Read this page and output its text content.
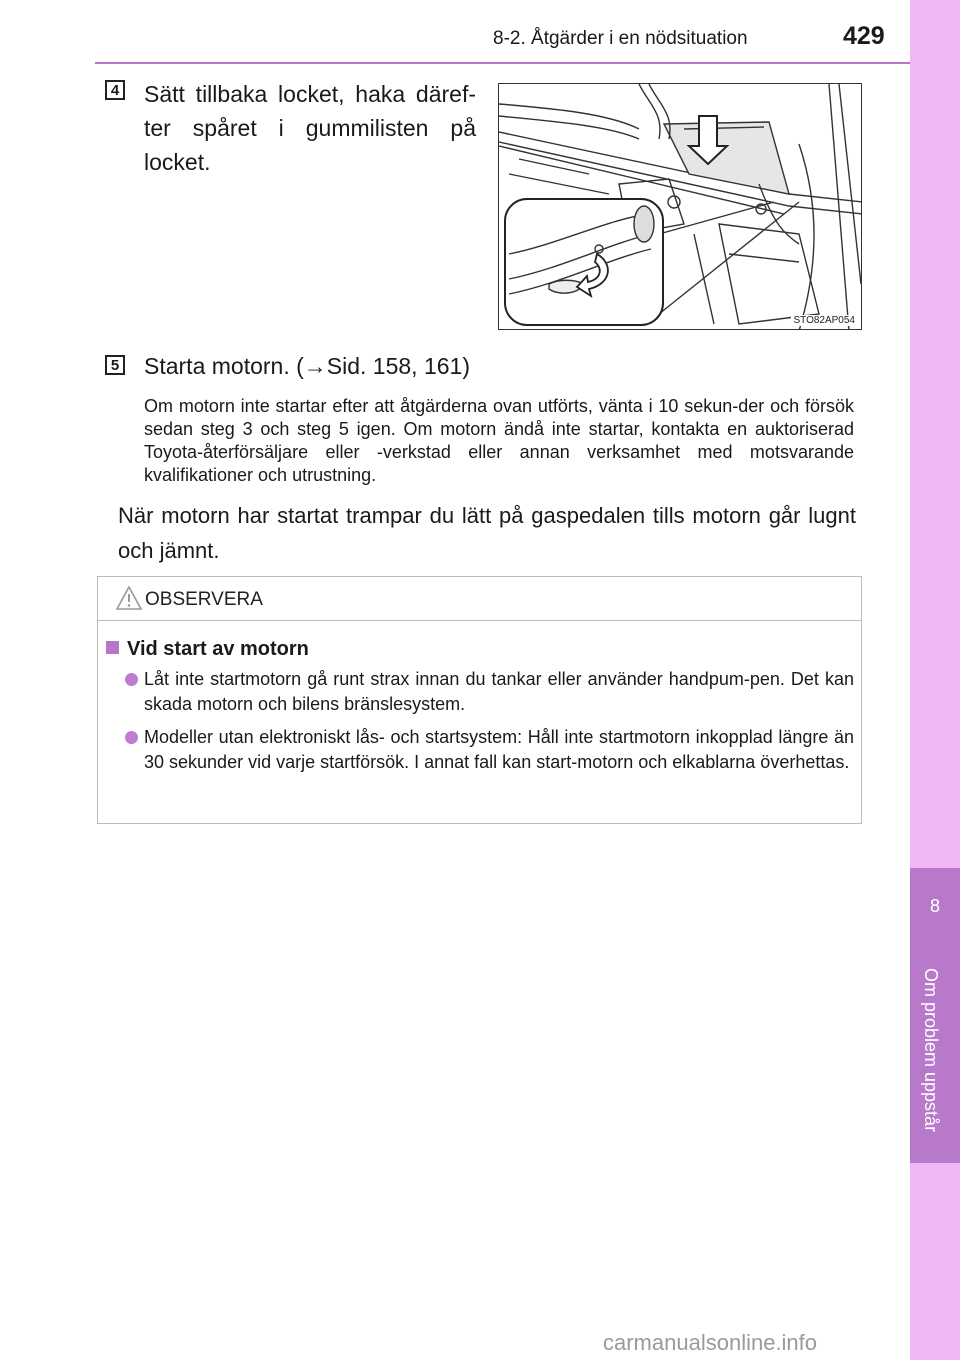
8-2. Åtgärder i en nödsituation	429
8
Om problem uppstår
4 Sätt tillbaka locket, haka däref-ter spåret i gummilisten på locket.
STO82AP054
5 Starta motorn. (→Sid. 158, 161)
Om motorn inte startar efter att åtgärderna ovan utförts, vänta i 10 sekun-der och försök sedan steg 3 och steg 5 igen. Om motorn ändå inte startar, kontakta en auktoriserad Toyota-återförsäljare eller -verkstad eller annan verksamhet med motsvarande kvalifikationer och utrustning.
När motorn har startat trampar du lätt på gaspedalen tills motorn går lugnt och jämnt.
OBSERVERA
Vid start av motorn
Låt inte startmotorn gå runt strax innan du tankar eller använder handpum-pen. Det kan skada motorn och bilens bränslesystem.
Modeller utan elektroniskt lås- och startsystem: Håll inte startmotorn inkopplad längre än 30 sekunder vid varje startförsök. I annat fall kan start-motorn och elkablarna överhettas.
carmanualsonline.info
